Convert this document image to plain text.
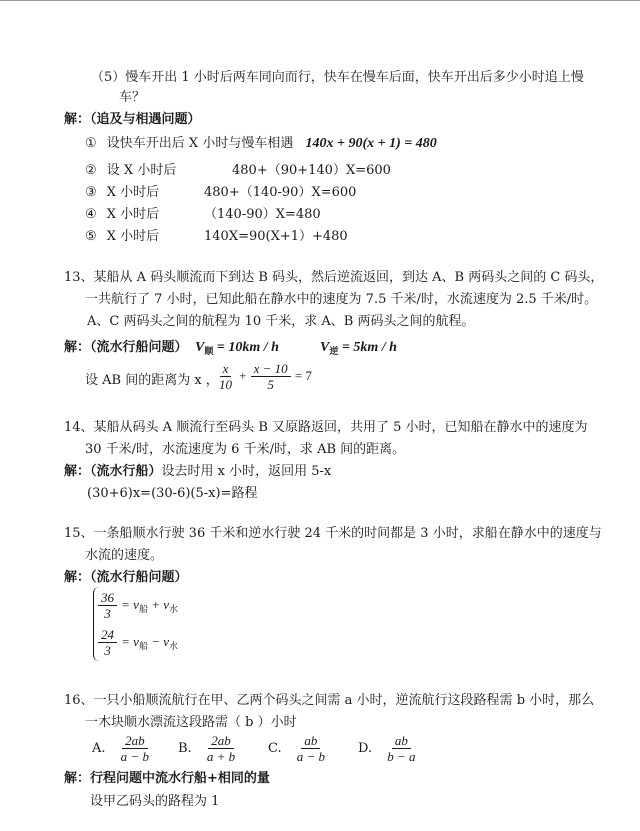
（5）慢车开出 1 小时后两车同向而行，快车在慢车后面，快车开出后多少小时追上慢
车？
解：（追及与相遇问题）
① 设快车开出后 X 小时与慢车相遇 140x + 90(x + 1) = 480
② 设 X 小时后	480+（90+140）X=600
③ X 小时后	480+（140-90）X=600
④ X 小时后	（140-90）X=480
⑤ X 小时后	140X=90(X+1）+480
13、某船从 A 码头顺流而下到达 B 码头，然后逆流返回，到达 A、B 两码头之间的 C 码头，
一共航行了 7 小时，已知此船在静水中的速度为 7.5 千米/时，水流速度为 2.5 千米/时。
A、C 两码头之间的航程为 10 千米，求 A、B 两码头之间的航程。
解：（流水行船问题） $V_顺 = 10km / h$	$V_逆 = 5km / h$
设 AB 间的距离为 x ，
$\frac{x}{10} + \frac{x - 10}{5} = 7$
14、某船从码头 A 顺流行至码头 B 又原路返回，共用了 5 小时，已知船在静水中的速度为
30 千米/时，水流速度为 6 千米/时，求 AB 间的距离。
解：（流水行船）设去时用 x 小时，返回用 5-x
(30+6)x=(30-6)(5-x)=路程
15、一条船顺水行驶 36 千米和逆水行驶 24 千米的时间都是 3 小时，求船在静水中的速度与
水流的速度。
解：（流水行船问题）
$\frac{36}{3} = v_船 + v_水$
$\frac{24}{3} = v_船 - v_水$
16、一只小船顺流航行在甲、乙两个码头之间需 a 小时，逆流航行这段路程需 b 小时，那么
一木块顺水漂流这段路需（ b ）小时
A. $\frac{2ab}{a - b} B$. $\frac{2ab}{a + b} C$. $\frac{ab}{a - b} D$. $\frac{ab}{b - a}$
解：行程问题中流水行船+相同的量
设甲乙码头的路程为 1
